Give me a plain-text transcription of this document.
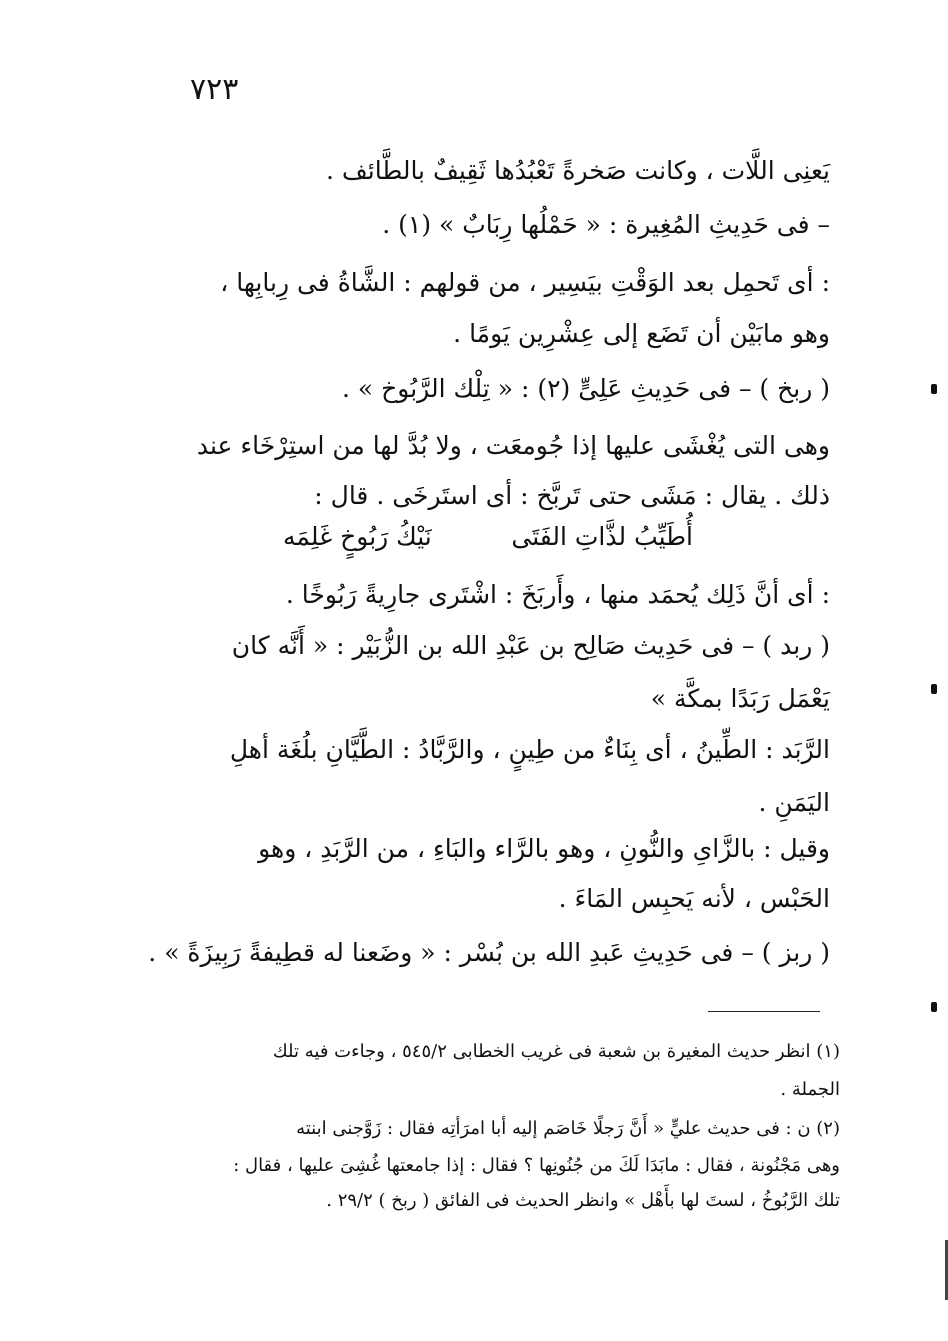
٧٢٣
يَعنِى اللَّات ، وكانت صَخرةً تَعْبُدُها ثَقِيفٌ بالطَّائف .
– فى حَدِيثِ المُغِيرة : « حَمْلُها رِبَابٌ » (١) .
: أى تَحمِل بعد الوَقْتِ بيَسِير ، من قولهم : الشَّاةُ فى رِبابِها ،
وهو مابَيْن أن تَضَع إلى عِشْرِين يَومًا .
( ربخ ) – فى حَدِيثِ عَلِىٍّ (٢) : « تِلْك الرَّبُوخ » .
وهى التى يُغْشَى عليها إذا جُومعَت ، ولا بُدَّ لها من استِرْخَاء عند
ذلك . يقال : مَشَى حتى تَربَّخ : أى استَرخَى . قال :
أُطَيِّبُ لذَّاتِ الفَتَى
نَيْكُ رَبُوخٍ غَلِمَه
: أى أنَّ ذَلِك يُحمَد منها ، وأَربَخَ : اشْتَرى جارِيةً رَبُوخًا .
( ربد ) – فى حَدِيث صَالِح بن عَبْدِ الله بن الزُّبَيْر : « أَنَّه كان
يَعْمَل رَبَدًا بمكَّة »
الرَّبَد : الطِّينُ ، أى بِنَاءٌ من طِينٍ ، والرَّبَّادُ : الطَّيَّانِ بلُغَة أهلِ
اليَمَنِ .
وقيل : بالزَّاىِ والنُّونِ ، وهو بالرَّاء والبَاءِ ، من الرَّبَدِ ، وهو
الحَبْس ، لأنه يَحبِس المَاءَ .
( ربز ) – فى حَدِيثِ عَبدِ الله بن بُسْر : « وضَعنا له قطِيفةً رَبِيزَةً » .
(١) انظر حديث المغيرة بن شعبة فى غريب الخطابى ٥٤٥/٢ ، وجاءت فيه تلك
الجملة .
(٢) ن : فى حديث عليٍّ « أَنَّ رَجلًا خَاصَم إليه أبا امرَأتِه فقال : زَوَّجنى ابنته
وهى مَجْنُونة ، فقال : مابَدَا لَكَ من جُنُونِها ؟ فقال : إذا جامعتها غُشِىَ عليها ، فقال :
تلك الرَّبُوخُ ، لستَ لها بأَهْل » وانظر الحديث فى الفائق ( ربخ ) ٢٩/٢ .
